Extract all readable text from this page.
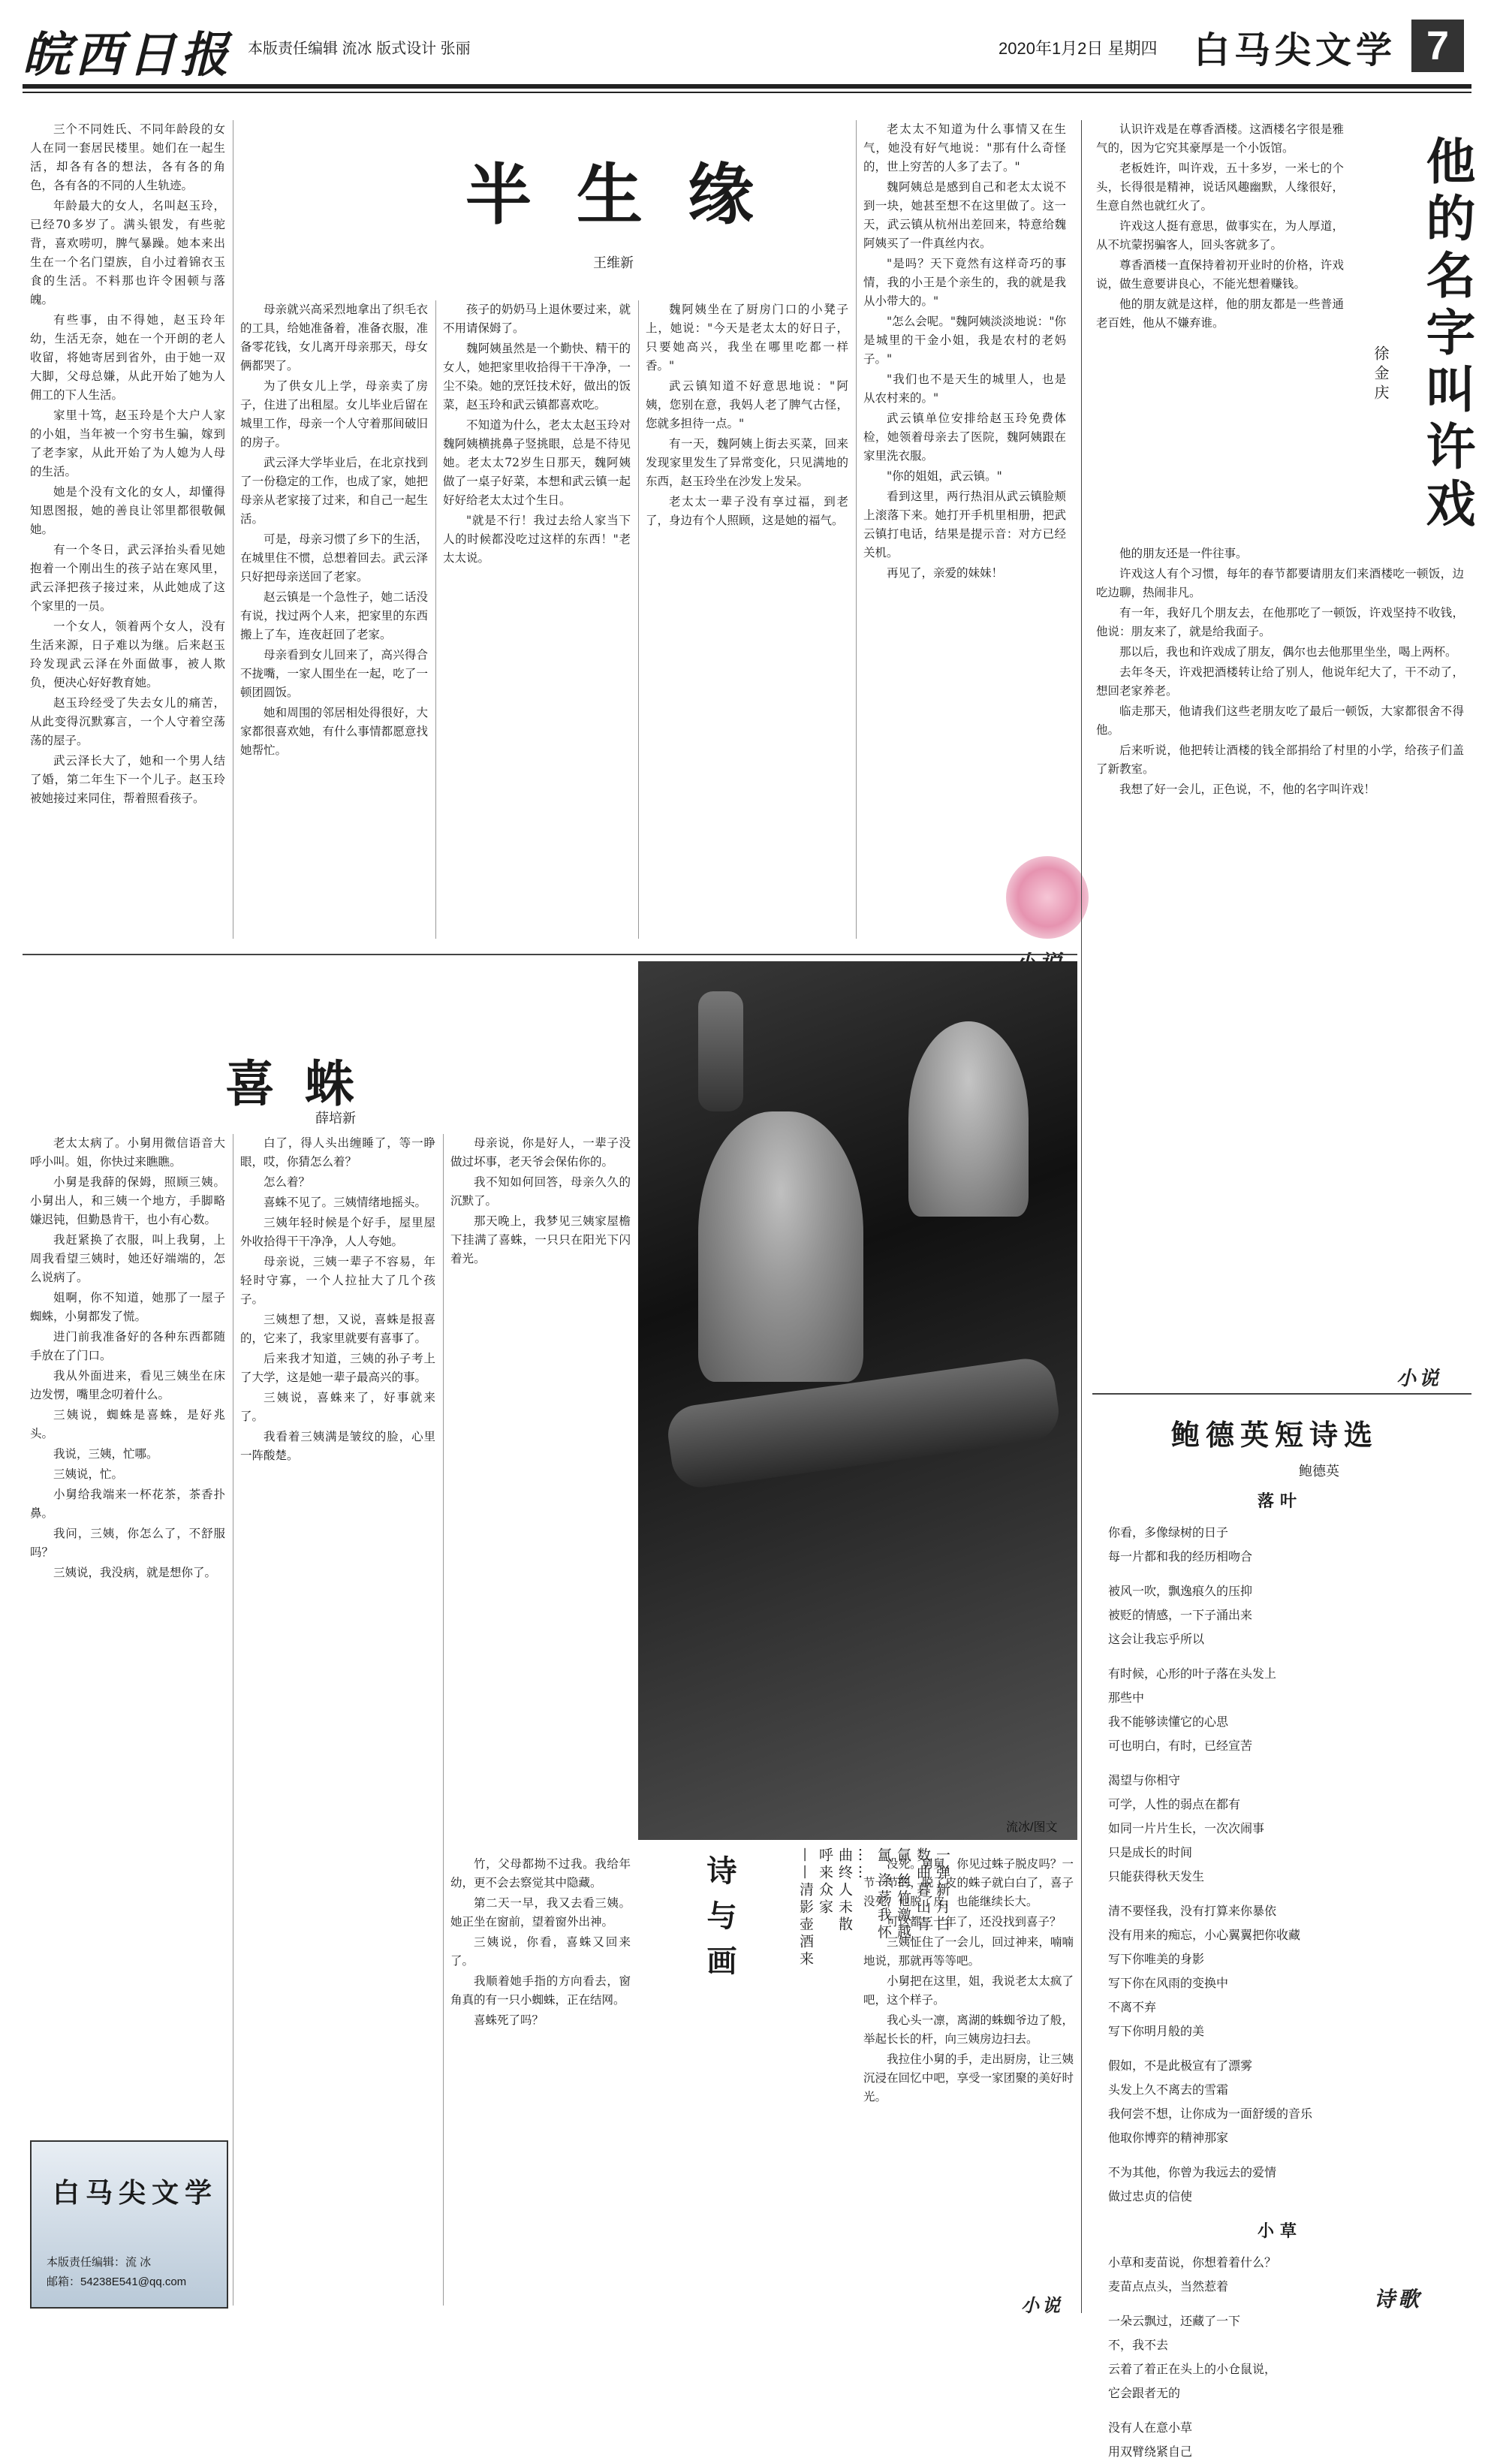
皖西日报 本版责任编辑 流冰 版式设计 张丽	2020年1月2日 星期四 白马尖文学 7
半生缘
王维新

三个不同姓氏、不同年龄段的女人在同一套居民楼里。她们在一起生活，却各有各的想法，各有各的角色，各有各的不同的人生轨迹。

年龄最大的女人，名叫赵玉玲，已经70多岁了。满头银发，有些驼背，喜欢唠叨，脾气暴躁。她本来出生在一个名门望族，自小过着锦衣玉食的生活。不料那也许令困顿与落魄。

有些事，由不得她，赵玉玲年幼，生活无奈，她在一个开朗的老人收留，将她寄居到省外，由于她一双大脚，父母总嫌，从此开始了她为人佣工的下人生活。

家里十笃，赵玉玲是个大户人家的小姐，当年被一个穷书生骗，嫁到了老李家，从此开始了为人媳为人母的生活。

她是个没有文化的女人，却懂得知恩图报，她的善良让邻里都很敬佩她。

有一个冬日，武云泽抬头看见她抱着一个刚出生的孩子站在寒风里，武云泽把孩子接过来，从此她成了这个家里的一员。

一个女人，领着两个女人，没有生活来源，日子难以为继。后来赵玉玲发现武云泽在外面做事，被人欺负，便决心好好教育她。

赵玉玲经受了失去女儿的痛苦，从此变得沉默寡言，一个人守着空荡荡的屋子。

武云泽长大了，她和一个男人结了婚，第二年生下一个儿子。赵玉玲被她接过来同住，帮着照看孩子。

母亲就兴高采烈地拿出了织毛衣的工具，给她准备着，准备衣服，准备零花钱，女儿离开母亲那天，母女俩都哭了。

为了供女儿上学，母亲卖了房子，住进了出租屋。女儿毕业后留在城里工作，母亲一个人守着那间破旧的房子。

武云泽大学毕业后，在北京找到了一份稳定的工作，也成了家，她把母亲从老家接了过来，和自己一起生活。

可是，母亲习惯了乡下的生活，在城里住不惯，总想着回去。武云泽只好把母亲送回了老家。

赵云镇是一个急性子，她二话没有说，找过两个人来，把家里的东西搬上了车，连夜赶回了老家。

母亲看到女儿回来了，高兴得合不拢嘴，一家人围坐在一起，吃了一顿团圆饭。

她和周围的邻居相处得很好，大家都很喜欢她，有什么事情都愿意找她帮忙。

孩子的奶奶马上退休要过来，就不用请保姆了。

魏阿姨虽然是一个勤快、精干的女人，她把家里收拾得干干净净，一尘不染。她的烹饪技术好，做出的饭菜，赵玉玲和武云镇都喜欢吃。

不知道为什么，老太太赵玉玲对魏阿姨横挑鼻子竖挑眼，总是不待见她。老太太72岁生日那天，魏阿姨做了一桌子好菜，本想和武云镇一起好好给老太太过个生日。

"就是不行！我过去给人家当下人的时候都没吃过这样的东西！"老太太说。

魏阿姨坐在了厨房门口的小凳子上，她说："今天是老太太的好日子，只要她高兴，我坐在哪里吃都一样香。"

武云镇知道不好意思地说："阿姨，您别在意，我妈人老了脾气古怪，您就多担待一点。"

有一天，魏阿姨上街去买菜，回来发现家里发生了异常变化，只见满地的东西，赵玉玲坐在沙发上发呆。

老太太一辈子没有享过福，到老了，身边有个人照顾，这是她的福气。

老太太不知道为什么事情又在生气，她没有好气地说："那有什么奇怪的，世上穷苦的人多了去了。"

魏阿姨总是感到自己和老太太说不到一块，她甚至想不在这里做了。这一天，武云镇从杭州出差回来，特意给魏阿姨买了一件真丝内衣。

"是吗？天下竟然有这样奇巧的事情，我的小王是个亲生的，我的就是我从小带大的。"

"怎么会呢。"魏阿姨淡淡地说："你是城里的干金小姐，我是农村的老妈子。"

"我们也不是天生的城里人，也是从农村来的。"

武云镇单位安排给赵玉玲免费体检，她领着母亲去了医院，魏阿姨跟在家里洗衣服。

"你的姐姐，武云镇。"

看到这里，两行热泪从武云镇脸颊上滚落下来。她打开手机里相册，把武云镇打电话，结果是提示音：对方已经关机。

再见了，亲爱的妹妹！

他的名字叫许戏
徐金庆

认识许戏是在尊香酒楼。这酒楼名字很是雅气的，因为它究其豪厚是一个小饭馆。

老板姓许，叫许戏，五十多岁，一米七的个头，长得很是精神，说话风趣幽默，人缘很好，生意自然也就红火了。

许戏这人挺有意思，做事实在，为人厚道，从不坑蒙拐骗客人，回头客就多了。

尊香酒楼一直保持着初开业时的价格，许戏说，做生意要讲良心，不能光想着赚钱。

他的朋友就是这样，他的朋友都是一些普通老百姓，他从不嫌弃谁。

他的朋友还是一件往事。

许戏这人有个习惯，每年的春节都要请朋友们来酒楼吃一顿饭，边吃边聊，热闹非凡。

有一年，我好几个朋友去，在他那吃了一顿饭，许戏坚持不收钱，他说：朋友来了，就是给我面子。

那以后，我也和许戏成了朋友，偶尔也去他那里坐坐，喝上两杯。

去年冬天，许戏把酒楼转让给了别人，他说年纪大了，干不动了，想回老家养老。

临走那天，他请我们这些老朋友吃了最后一顿饭，大家都很舍不得他。

后来听说，他把转让酒楼的钱全部捐给了村里的小学，给孩子们盖了新教室。

我想了好一会儿，正色说，不，他的名字叫许戏！

小说
鲍德英短诗选
鲍德英
落叶

你看，多像绿树的日子

每一片都和我的经历相吻合

被风一吹，飘逸痕久的压抑

被贬的情感，一下子涌出来

这会让我忘乎所以

有时候，心形的叶子落在头发上

那些中

我不能够读懂它的心思

可也明白，有时，已经宣苦

渴望与你相守

可学，人性的弱点在都有

如同一片片生长，一次次闹事

只是成长的时间

只能获得秋天发生

清不要怪我，没有打算来你暴依

没有用来的痴忘，小心翼翼把你收藏

写下你唯美的身影

写下你在风雨的变换中

不离不弃

写下你明月般的美

假如，不是此极宣有了漂雾

头发上久不离去的雪霜

我何尝不想，让你成为一面舒缓的音乐

他取你博弈的精神那家

不为其他，你曾为我远去的爱情

做过忠贞的信使

小草

小草和麦苗说，你想着着什么？

麦苗点点头，当然惹着

一朵云飘过，还藏了一下

不，我不去

云着了着正在头上的小仓鼠说，

它会跟者无的

没有人在意小草

用双臂绕紧自己

诗歌
流冰/图文
诗与画	一弹新月白
数曲暮山青
氤 丝竹激越
氲 涤荡我怀
……
曲终人未散
呼来众家
——清影壶酒来
喜蛛
薛培新

老太太病了。小舅用微信语音大呼小叫。姐，你快过来瞧瞧。

小舅是我薛的保姆，照顾三姨。小舅出人，和三姨一个地方，手脚略嫌迟钝，但勤恳肯干，也小有心数。

我赶紧换了衣服，叫上我舅，上周我看望三姨时，她还好端端的，怎么说病了。

姐啊，你不知道，她那了一屋子蜘蛛，小舅都发了慌。

进门前我准备好的各种东西都随手放在了门口。

我从外面进来，看见三姨坐在床边发愣，嘴里念叨着什么。

三姨说，蜘蛛是喜蛛，是好兆头。

我说，三姨，忙哪。

三姨说，忙。

小舅给我端来一杯花茶，茶香扑鼻。

我问，三姨，你怎么了，不舒服吗？

三姨说，我没病，就是想你了。

白了，得人头出缠睡了，等一睁眼，哎，你猜怎么着？

怎么着？

喜蛛不见了。三姨情绪地摇头。

三姨年轻时候是个好手，屋里屋外收拾得干干净净，人人夸她。

母亲说，三姨一辈子不容易，年轻时守寡，一个人拉扯大了几个孩子。

三姨想了想，又说，喜蛛是报喜的，它来了，我家里就要有喜事了。

后来我才知道，三姨的孙子考上了大学，这是她一辈子最高兴的事。

三姨说，喜蛛来了，好事就来了。

我看着三姨满是皱纹的脸，心里一阵酸楚。

母亲说，你是好人，一辈子没做过坏事，老天爷会保佑你的。

我不知如何回答，母亲久久的沉默了。

那天晚上，我梦见三姨家屋檐下挂满了喜蛛，一只只在阳光下闪着光。

竹，父母都拗不过我。我给年幼，更不会去察觉其中隐藏。

第二天一早，我又去看三姨。她正坐在窗前，望着窗外出神。

三姨说，你看，喜蛛又回来了。

我顺着她手指的方向看去，窗角真的有一只小蜘蛛，正在结网。

喜蛛死了吗？

没死。舅舅，你见过蛛子脱皮吗？一节一节的，脱了皮的蛛子就白白了，喜子没死，他脱了皮，也能继续长大。

可这都三十年了，还没找到喜子？

三姨怔住了一会儿，回过神来，喃喃地说，那就再等等吧。

小舅把在这里，姐，我说老太太疯了吧，这个样子。

我心头一凛，离湖的蛛蜘爷边了般，举起长长的杆，向三姨房边扫去。

我拉住小舅的手，走出厨房，让三姨沉浸在回忆中吧，享受一家团聚的美好时光。

小说
白马尖文学
本版责任编辑：流 冰
邮箱：54238E541@qq.com
